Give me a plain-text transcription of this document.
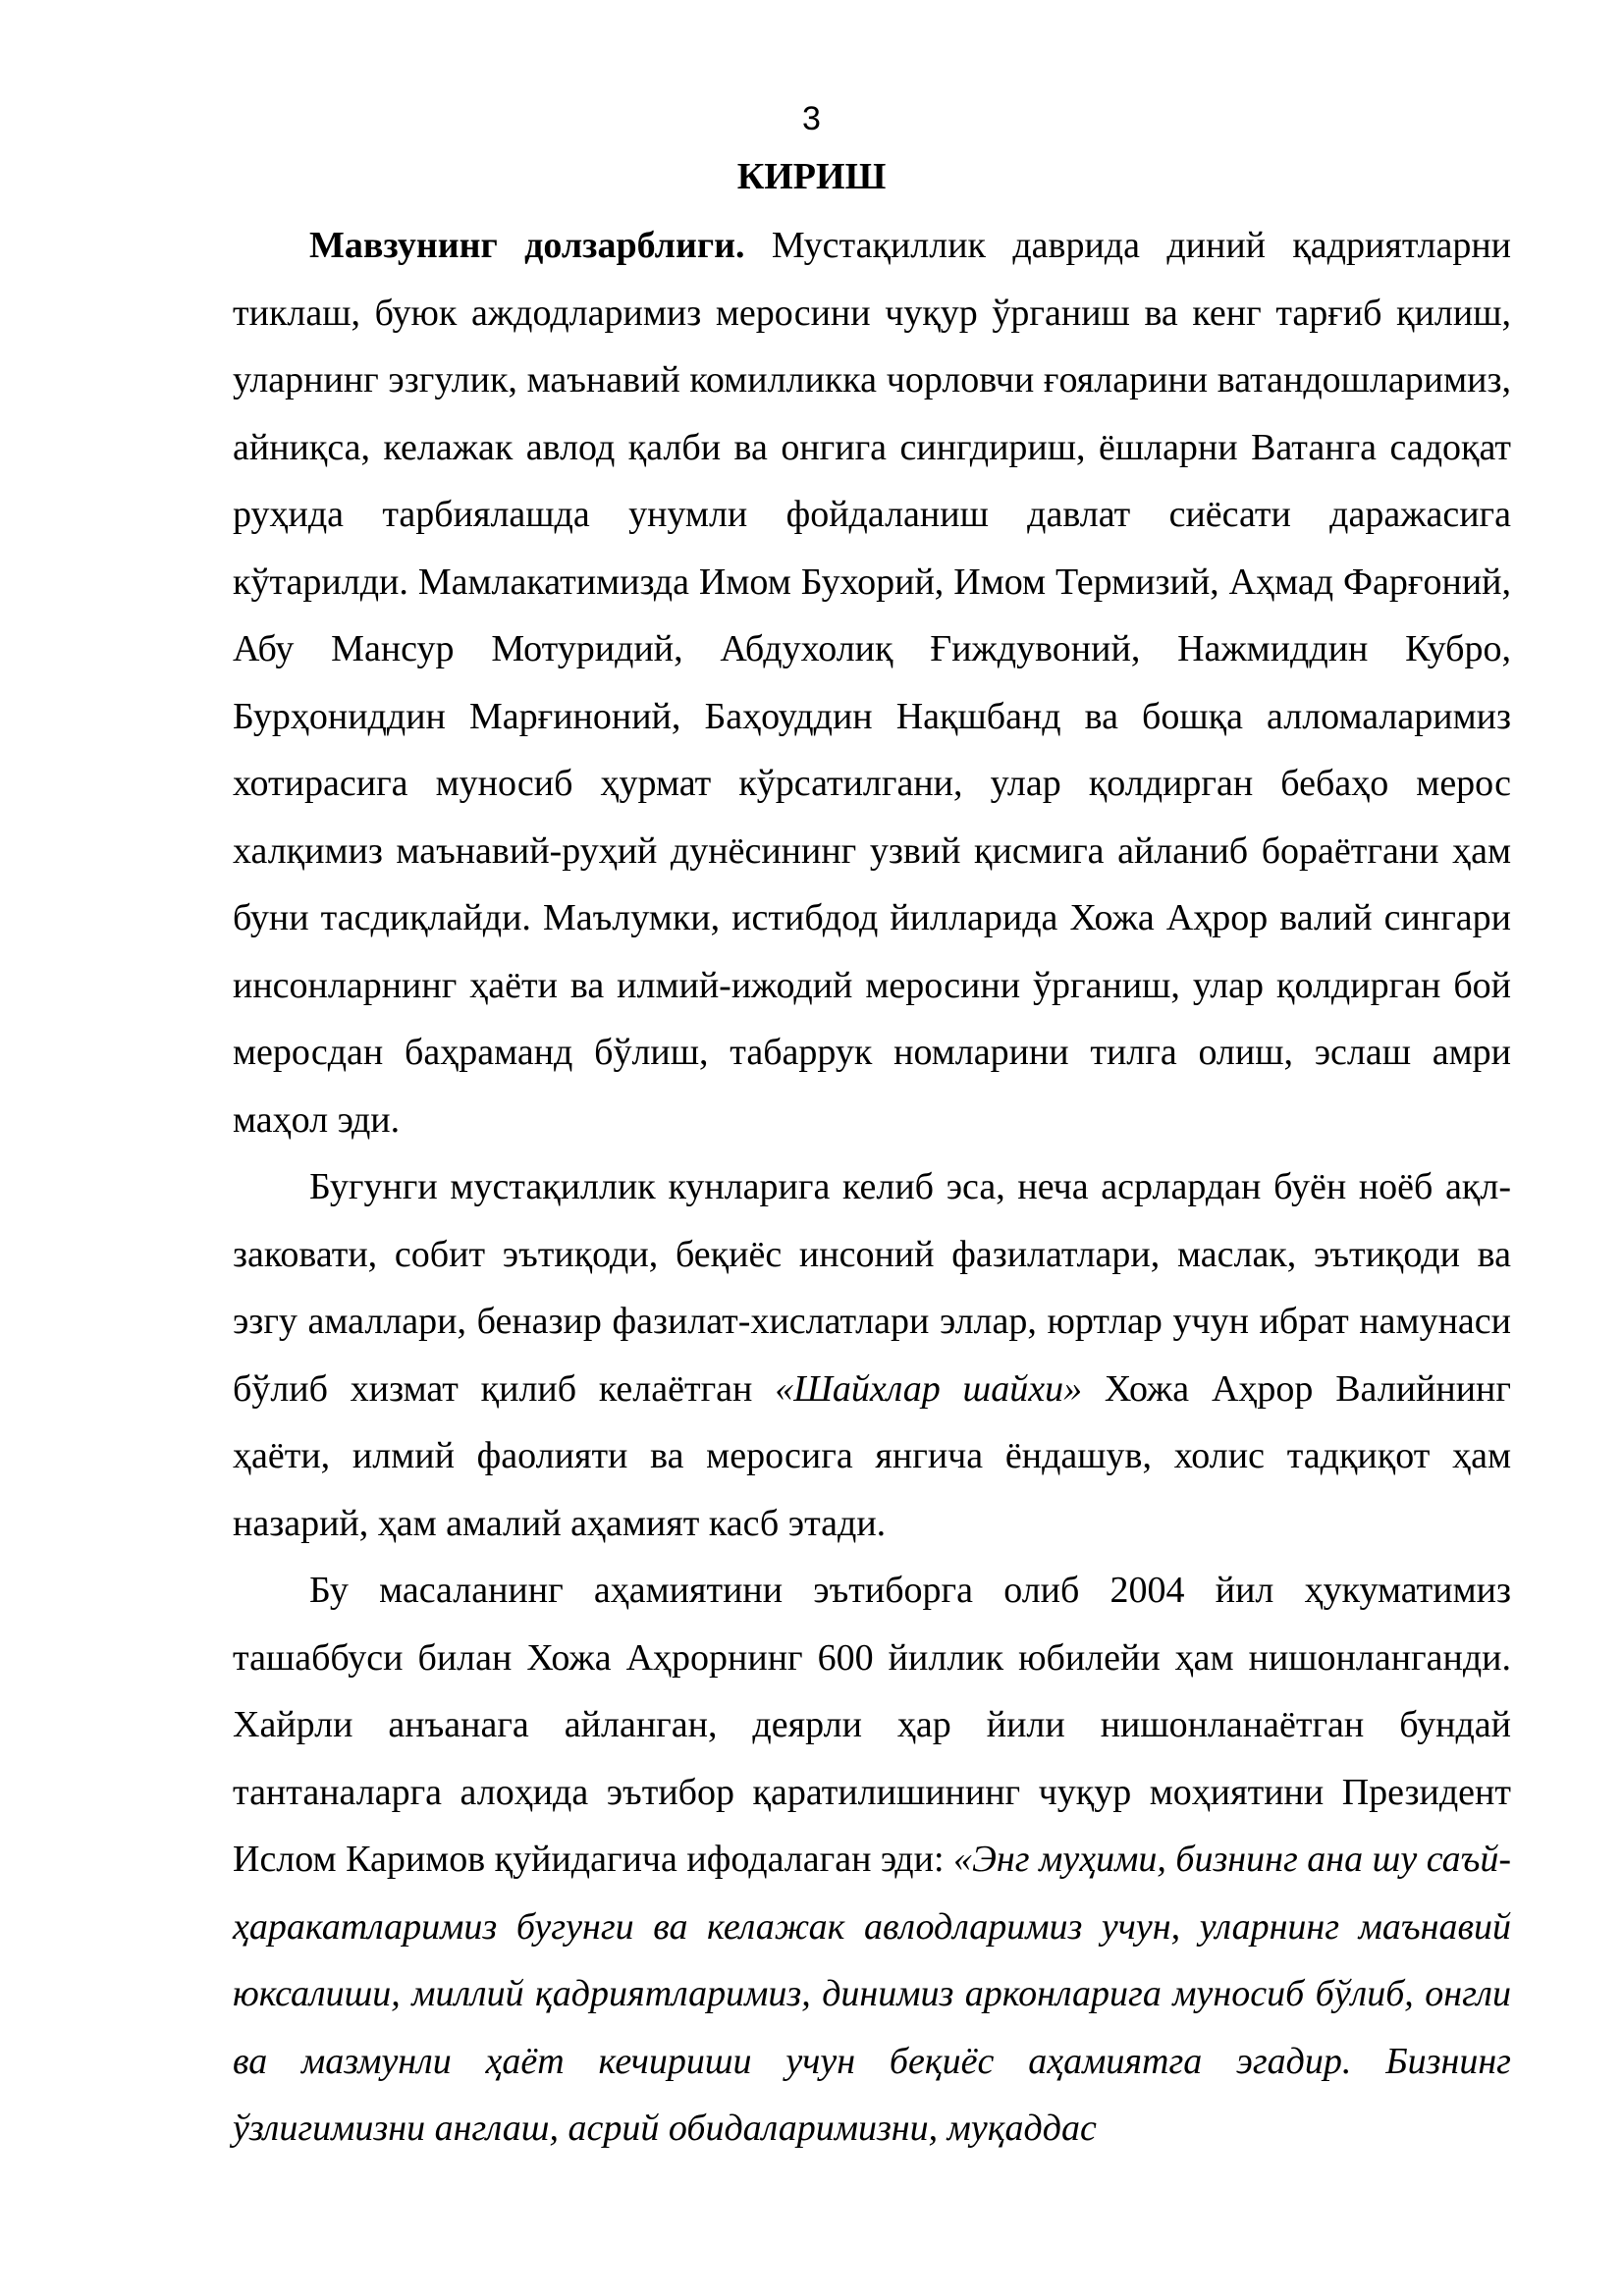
3
КИРИШ

Мавзунинг долзарблиги. Мустақиллик даврида диний қадриятларни тиклаш, буюк аждодларимиз меросини чуқур ўрганиш ва кенг тарғиб қилиш, уларнинг эзгулик, маънавий комилликка чорловчи ғояларини ватандошларимиз, айниқса, келажак авлод қалби ва онгига сингдириш, ёшларни Ватанга садоқат руҳида тарбиялашда унумли фойдаланиш давлат сиёсати даражасига кўтарилди. Мамлакатимизда Имом Бухорий, Имом Термизий, Аҳмад Фарғоний, Абу Мансур Мотуридий, Абдухолиқ Ғиждувоний, Нажмиддин Кубро, Бурҳониддин Марғиноний, Баҳоуддин Нақшбанд ва бошқа алломаларимиз хотирасига муносиб ҳурмат кўрсатилгани, улар қолдирган бебаҳо мерос халқимиз маънавий-руҳий дунёсининг узвий қисмига айланиб бораётгани ҳам буни тасдиқлайди. Маълумки, истибдод йилларида Хожа Аҳрор валий сингари инсонларнинг ҳаёти ва илмий-ижодий меросини ўрганиш, улар қолдирган бой меросдан баҳраманд бўлиш, табаррук номларини тилга олиш, эслаш амри маҳол эди.

Бугунги мустақиллик кунларига келиб эса, неча асрлардан буён ноёб ақл-заковати, собит эътиқоди, беқиёс инсоний фазилатлари, маслак, эътиқоди ва эзгу амаллари, беназир фазилат-хислатлари эллар, юртлар учун ибрат намунаси бўлиб хизмат қилиб келаётган «Шайхлар шайхи» Хожа Аҳрор Валийнинг ҳаёти, илмий фаолияти ва меросига янгича ёндашув, холис тадқиқот ҳам назарий, ҳам амалий аҳамият касб этади.

Бу масаланинг аҳамиятини эътиборга олиб 2004 йил ҳукуматимиз ташаббуси билан Хожа Аҳрорнинг 600 йиллик юбилейи ҳам нишонланганди. Хайрли анъанага айланган, деярли ҳар йили нишонланаётган бундай тантаналарга алоҳида эътибор қаратилишининг чуқур моҳиятини Президент Ислом Каримов қуйидагича ифодалаган эди: «Энг муҳими, бизнинг ана шу саъй-ҳаракатларимиз бугунги ва келажак авлодларимиз учун, уларнинг маънавий юксалиши, миллий қадриятларимиз, динимиз арконларига муносиб бўлиб, онгли ва мазмунли ҳаёт кечириши учун беқиёс аҳамиятга эгадир. Бизнинг ўзлигимизни англаш, асрий обидаларимизни, муқаддас
